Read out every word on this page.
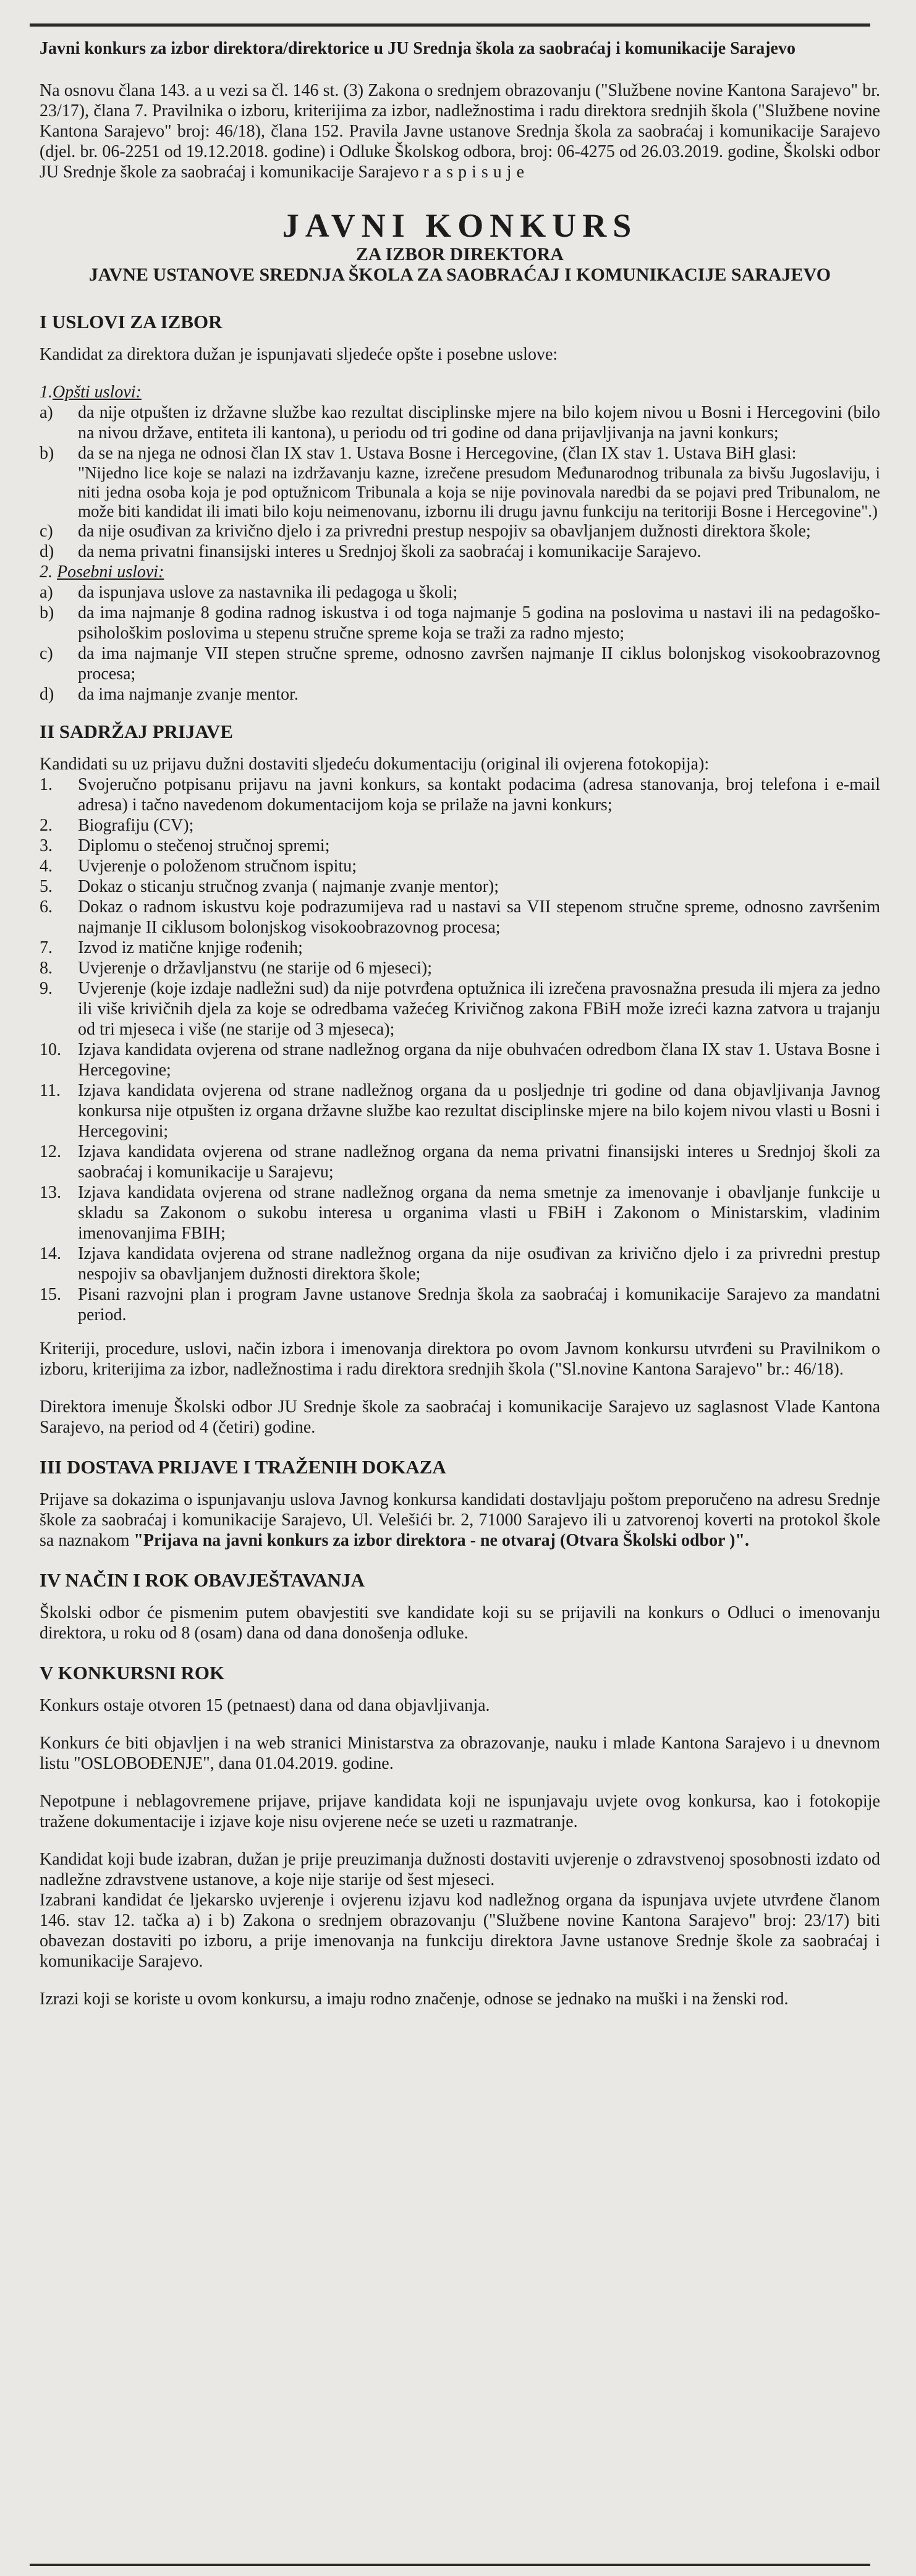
Javni konkurs za izbor direktora/direktorice u JU Srednja škola za saobraćaj i komunikacije Sarajevo

Na osnovu člana 143. a u vezi sa čl. 146 st. (3) Zakona o srednjem obrazovanju ("Službene novine Kantona Sarajevo" br. 23/17), člana 7. Pravilnika o izboru, kriterijima za izbor, nadležnostima i radu direktora srednjih škola ("Službene novine Kantona Sarajevo" broj: 46/18), člana 152. Pravila Javne ustanove Srednja škola za saobraćaj i komunikacije Sarajevo (djel. br. 06-2251 od 19.12.2018. godine) i Odluke Školskog odbora, broj: 06-4275 od 26.03.2019. godine, Školski odbor JU Srednje škole za saobraćaj i komunikacije Sarajevo raspisuje

JAVNI KONKURS
ZA IZBOR DIREKTORA
JAVNE USTANOVE SREDNJA ŠKOLA ZA SAOBRAĆAJ I KOMUNIKACIJE SARAJEVO
I USLOVI ZA IZBOR

Kandidat za direktora dužan je ispunjavati sljedeće opšte i posebne uslove:

1.Opšti uslovi:

a)	da nije otpušten iz državne službe kao rezultat disciplinske mjere na bilo kojem nivou u Bosni i Hercegovini (bilo na nivou države, entiteta ili kantona), u periodu od tri godine od dana prijavljivanja na javni konkurs;
b)	da se na njega ne odnosi član IX stav 1. Ustava Bosne i Hercegovine, (član IX stav 1. Ustava BiH glasi:

"Nijedno lice koje se nalazi na izdržavanju kazne, izrečene presudom Međunarodnog tribunala za bivšu Jugoslaviju, i niti jedna osoba koja je pod optužnicom Tribunala a koja se nije povinovala naredbi da se pojavi pred Tribunalom, ne može biti kandidat ili imati bilo koju neimenovanu, izbornu ili drugu javnu funkciju na teritoriji Bosne i Hercegovine".)

c)	da nije osuđivan za krivično djelo i za privredni prestup nespojiv sa obavljanjem dužnosti direktora škole;
d)	da nema privatni finansijski interes u Srednjoj školi za saobraćaj i komunikacije Sarajevo.

2. Posebni uslovi:

a)	da ispunjava uslove za nastavnika ili pedagoga u školi;
b)	da ima najmanje 8 godina radnog iskustva i od toga najmanje 5 godina na poslovima u nastavi ili na pedagoško-psihološkim poslovima u stepenu stručne spreme koja se traži za radno mjesto;
c)	da ima najmanje VII stepen stručne spreme, odnosno završen najmanje II ciklus bolonjskog visokoobrazovnog procesa;
d)	da ima najmanje zvanje mentor.
II SADRŽAJ PRIJAVE

Kandidati su uz prijavu dužni dostaviti sljedeću dokumentaciju (original ili ovjerena fotokopija):

1.	Svojeručno potpisanu prijavu na javni konkurs, sa kontakt podacima (adresa stanovanja, broj telefona i e-mail adresa) i tačno navedenom dokumentacijom koja se prilaže na javni konkurs;
2.	Biografiju (CV);
3.	Diplomu o stečenoj stručnoj spremi;
4.	Uvjerenje o položenom stručnom ispitu;
5.	Dokaz o sticanju stručnog zvanja ( najmanje zvanje mentor);
6.	Dokaz o radnom iskustvu koje podrazumijeva rad u nastavi sa VII stepenom stručne spreme, odnosno završenim najmanje II ciklusom bolonjskog visokoobrazovnog procesa;
7.	Izvod iz matične knjige rođenih;
8.	Uvjerenje o državljanstvu (ne starije od 6 mjeseci);
9.	Uvjerenje (koje izdaje nadležni sud) da nije potvrđena optužnica ili izrečena pravosnažna presuda ili mjera za jedno ili više krivičnih djela za koje se odredbama važećeg Krivičnog zakona FBiH može izreći kazna zatvora u trajanju od tri mjeseca i više (ne starije od 3 mjeseca);
10. Izjava kandidata ovjerena od strane nadležnog organa da nije obuhvaćen odredbom člana IX stav 1. Ustava Bosne i Hercegovine;
11.	Izjava kandidata ovjerena od strane nadležnog organa da u posljednje tri godine od dana objavljivanja Javnog konkursa nije otpušten iz organa državne službe kao rezultat disciplinske mjere na bilo kojem nivou vlasti u Bosni i Hercegovini;
12. Izjava kandidata ovjerena od strane nadležnog organa da nema privatni finansijski interes u Srednjoj školi za saobraćaj i komunikacije u Sarajevu;
13. Izjava kandidata ovjerena od strane nadležnog organa da nema smetnje za imenovanje i obavljanje funkcije u skladu sa Zakonom o sukobu interesa u organima vlasti u FBiH i Zakonom o Ministarskim, vladinim imenovanjima FBIH;
14. Izjava kandidata ovjerena od strane nadležnog organa da nije osuđivan za krivično djelo i za privredni prestup nespojiv sa obavljanjem dužnosti direktora škole;
15. Pisani razvojni plan i program Javne ustanove Srednja škola za saobraćaj i komunikacije Sarajevo za mandatni period.

Kriteriji, procedure, uslovi, način izbora i imenovanja direktora po ovom Javnom konkursu utvrđeni su Pravilnikom o izboru, kriterijima za izbor, nadležnostima i radu direktora srednjih škola ("Sl.novine Kantona Sarajevo" br.: 46/18).

Direktora imenuje Školski odbor JU Srednje škole za saobraćaj i komunikacije Sarajevo uz saglasnost Vlade Kantona Sarajevo, na period od 4 (četiri) godine.

III DOSTAVA PRIJAVE I TRAŽENIH DOKAZA

Prijave sa dokazima o ispunjavanju uslova Javnog konkursa kandidati dostavljaju poštom preporučeno na adresu Srednje škole za saobraćaj i komunikacije Sarajevo, Ul. Velešići br. 2, 71000 Sarajevo ili u zatvorenoj koverti na protokol škole sa naznakom "Prijava na javni konkurs za izbor direktora - ne otvaraj (Otvara Školski odbor )".

IV NAČIN I ROK OBAVJEŠTAVANJA

Školski odbor će pismenim putem obavjestiti sve kandidate koji su se prijavili na konkurs o Odluci o imenovanju direktora, u roku od 8 (osam) dana od dana donošenja odluke.

V KONKURSNI ROK

Konkurs ostaje otvoren 15 (petnaest) dana od dana objavljivanja.

Konkurs će biti objavljen i na web stranici Ministarstva za obrazovanje, nauku i mlade Kantona Sarajevo i u dnevnom listu "OSLOBOĐENJE", dana 01.04.2019. godine.

Nepotpune i neblagovremene prijave, prijave kandidata koji ne ispunjavaju uvjete ovog konkursa, kao i fotokopije tražene dokumentacije i izjave koje nisu ovjerene neće se uzeti u razmatranje.

Kandidat koji bude izabran, dužan je prije preuzimanja dužnosti dostaviti uvjerenje o zdravstvenoj sposobnosti izdato od nadležne zdravstvene ustanove, a koje nije starije od šest mjeseci.

Izabrani kandidat će ljekarsko uvjerenje i ovjerenu izjavu kod nadležnog organa da ispunjava uvjete utvrđene članom 146. stav 12. tačka a) i b) Zakona o srednjem obrazovanju ("Službene novine Kantona Sarajevo" broj: 23/17) biti obavezan dostaviti po izboru, a prije imenovanja na funkciju direktora Javne ustanove Srednje škole za saobraćaj i komunikacije Sarajevo.

Izrazi koji se koriste u ovom konkursu, a imaju rodno značenje, odnose se jednako na muški i na ženski rod.
